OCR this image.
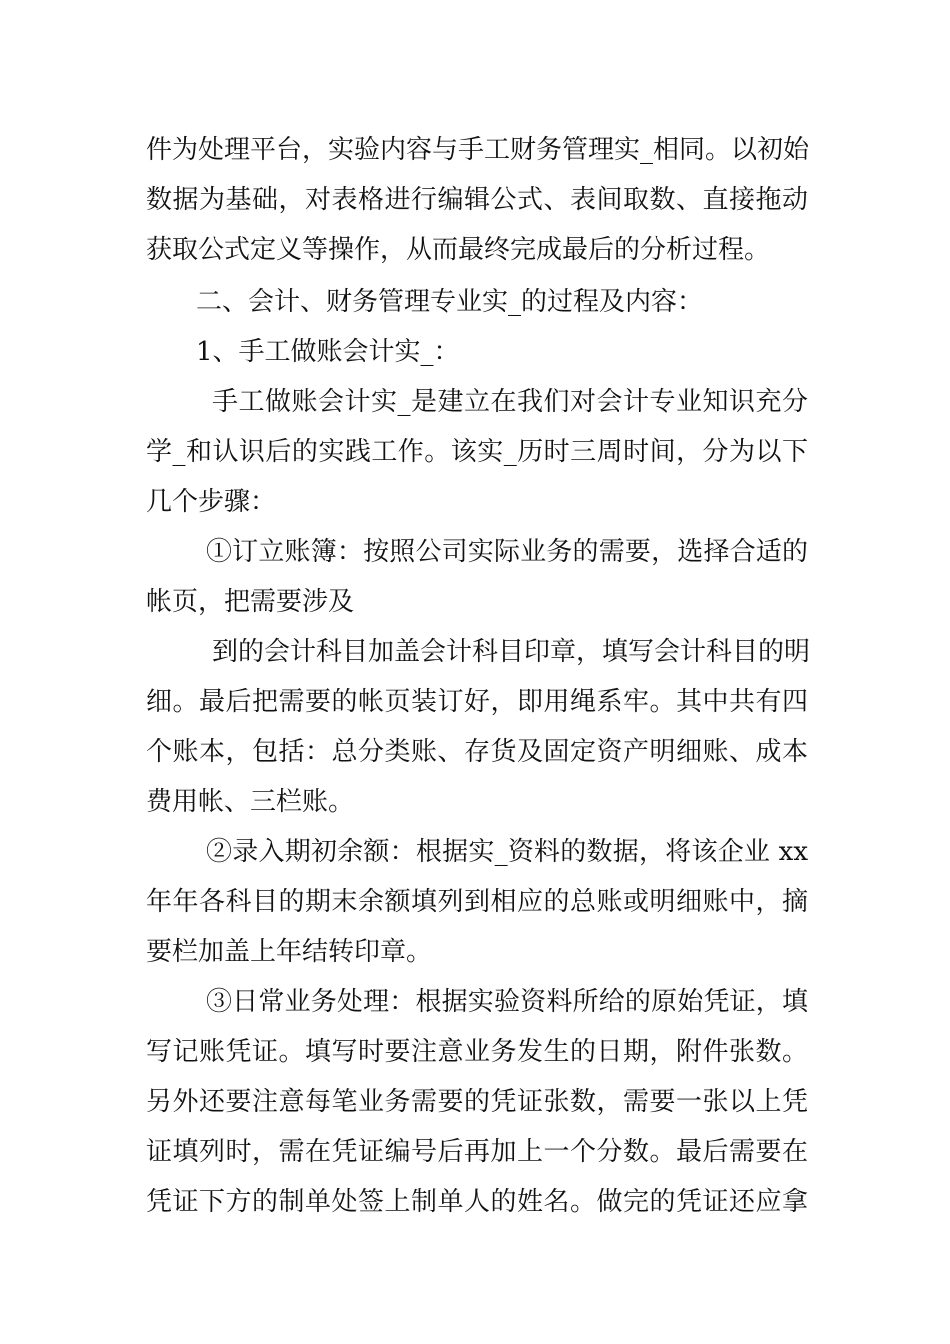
件为处理平台，实验内容与手工财务管理实_相同。以初始
数据为基础，对表格进行编辑公式、表间取数、直接拖动
获取公式定义等操作，从而最终完成最后的分析过程。
二、会计、财务管理专业实_的过程及内容：
1、手工做账会计实_：
手工做账会计实_是建立在我们对会计专业知识充分
学_和认识后的实践工作。该实_历时三周时间，分为以下
几个步骤：
①订立账簿：按照公司实际业务的需要，选择合适的
帐页，把需要涉及
到的会计科目加盖会计科目印章，填写会计科目的明
细。最后把需要的帐页装订好，即用绳系牢。其中共有四
个账本，包括：总分类账、存货及固定资产明细账、成本
费用帐、三栏账。
②录入期初余额：根据实_资料的数据，将该企业 xx
年年各科目的期末余额填列到相应的总账或明细账中，摘
要栏加盖上年结转印章。
③日常业务处理：根据实验资料所给的原始凭证，填
写记账凭证。填写时要注意业务发生的日期，附件张数。
另外还要注意每笔业务需要的凭证张数，需要一张以上凭
证填列时，需在凭证编号后再加上一个分数。最后需要在
凭证下方的制单处签上制单人的姓名。做完的凭证还应拿
